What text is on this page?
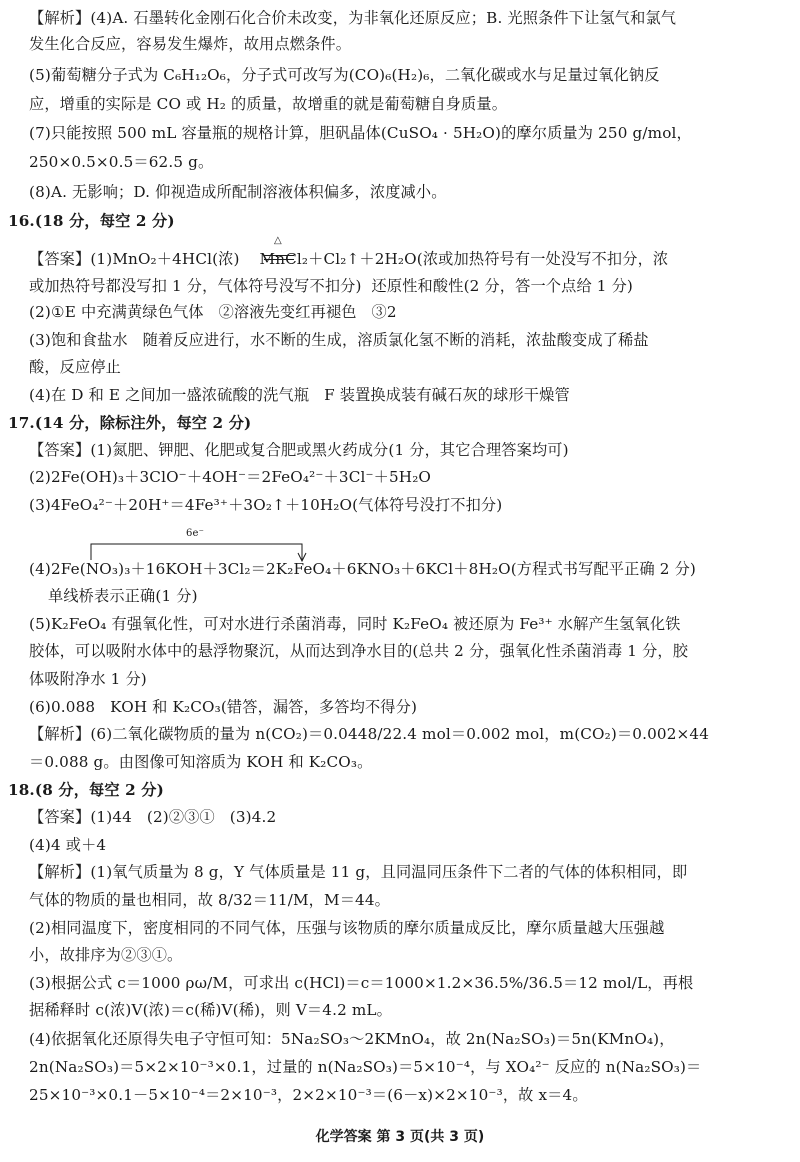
【解析】(4)A. 石墨转化金刚石化合价未改变，为非氧化还原反应；B. 光照条件下让氢气和氯气
发生化合反应，容易发生爆炸，故用点燃条件。
(5)葡萄糖分子式为 C₆H₁₂O₆，分子式可改写为(CO)₆(H₂)₆，二氧化碳或水与足量过氧化钠反
应，增重的实际是 CO 或 H₂ 的质量，故增重的就是葡萄糖自身质量。
(7)只能按照 500 mL 容量瓶的规格计算，胆矾晶体(CuSO₄ · 5H₂O)的摩尔质量为 250 g/mol，
250×0.5×0.5＝62.5 g。
(8)A. 无影响；D. 仰视造成所配制溶液体积偏多，浓度减小。
16.(18 分，每空 2 分)
【答案】(1)MnO₂＋4HCl(浓)    MnCl₂＋Cl₂↑＋2H₂O(浓或加热符号有一处没写不扣分，浓
或加热符号都没写扣 1 分，气体符号没写不扣分)  还原性和酸性(2 分，答一个点给 1 分)
(2)①E 中充满黄绿色气体   ②溶液先变红再褪色   ③2
(3)饱和食盐水   随着反应进行，水不断的生成，溶质氯化氢不断的消耗，浓盐酸变成了稀盐
酸，反应停止
(4)在 D 和 E 之间加一盛浓硫酸的洗气瓶   F 装置换成装有碱石灰的球形干燥管
17.(14 分，除标注外，每空 2 分)
【答案】(1)氮肥、钾肥、化肥或复合肥或黑火药成分(1 分，其它合理答案均可)
(2)2Fe(OH)₃＋3ClO⁻＋4OH⁻＝2FeO₄²⁻＋3Cl⁻＋5H₂O
(3)4FeO₄²⁻＋20H⁺＝4Fe³⁺＋3O₂↑＋10H₂O(气体符号没打不扣分)
(4)2Fe(NO₃)₃＋16KOH＋3Cl₂＝2K₂FeO₄＋6KNO₃＋6KCl＋8H₂O(方程式书写配平正确 2 分)
单线桥表示正确(1 分)
(5)K₂FeO₄ 有强氧化性，可对水进行杀菌消毒，同时 K₂FeO₄ 被还原为 Fe³⁺ 水解产生氢氧化铁
胶体，可以吸附水体中的悬浮物聚沉，从而达到净水目的(总共 2 分，强氧化性杀菌消毒 1 分，胶
体吸附净水 1 分)
(6)0.088   KOH 和 K₂CO₃(错答，漏答，多答均不得分)
【解析】(6)二氧化碳物质的量为 n(CO₂)＝0.0448/22.4 mol＝0.002 mol，m(CO₂)＝0.002×44
＝0.088 g。由图像可知溶质为 KOH 和 K₂CO₃。
18.(8 分，每空 2 分)
【答案】(1)44   (2)②③①   (3)4.2
(4)4 或＋4
【解析】(1)氧气质量为 8 g，Y 气体质量是 11 g，且同温同压条件下二者的气体的体积相同，即
气体的物质的量也相同，故 8/32＝11/M，M＝44。
(2)相同温度下，密度相同的不同气体，压强与该物质的摩尔质量成反比，摩尔质量越大压强越
小，故排序为②③①。
(3)根据公式 c＝1000 ρω/M，可求出 c(HCl)＝c＝1000×1.2×36.5%/36.5＝12 mol/L，再根
据稀释时 c(浓)V(浓)＝c(稀)V(稀)，则 V＝4.2 mL。
(4)依据氧化还原得失电子守恒可知：5Na₂SO₃～2KMnO₄，故 2n(Na₂SO₃)＝5n(KMnO₄)，
2n(Na₂SO₃)＝5×2×10⁻³×0.1，过量的 n(Na₂SO₃)＝5×10⁻⁴，与 XO₄²⁻ 反应的 n(Na₂SO₃)＝
25×10⁻³×0.1－5×10⁻⁴＝2×10⁻³，2×2×10⁻³＝(6－x)×2×10⁻³，故 x＝4。
△
6e⁻
化学答案 第 3 页(共 3 页)
